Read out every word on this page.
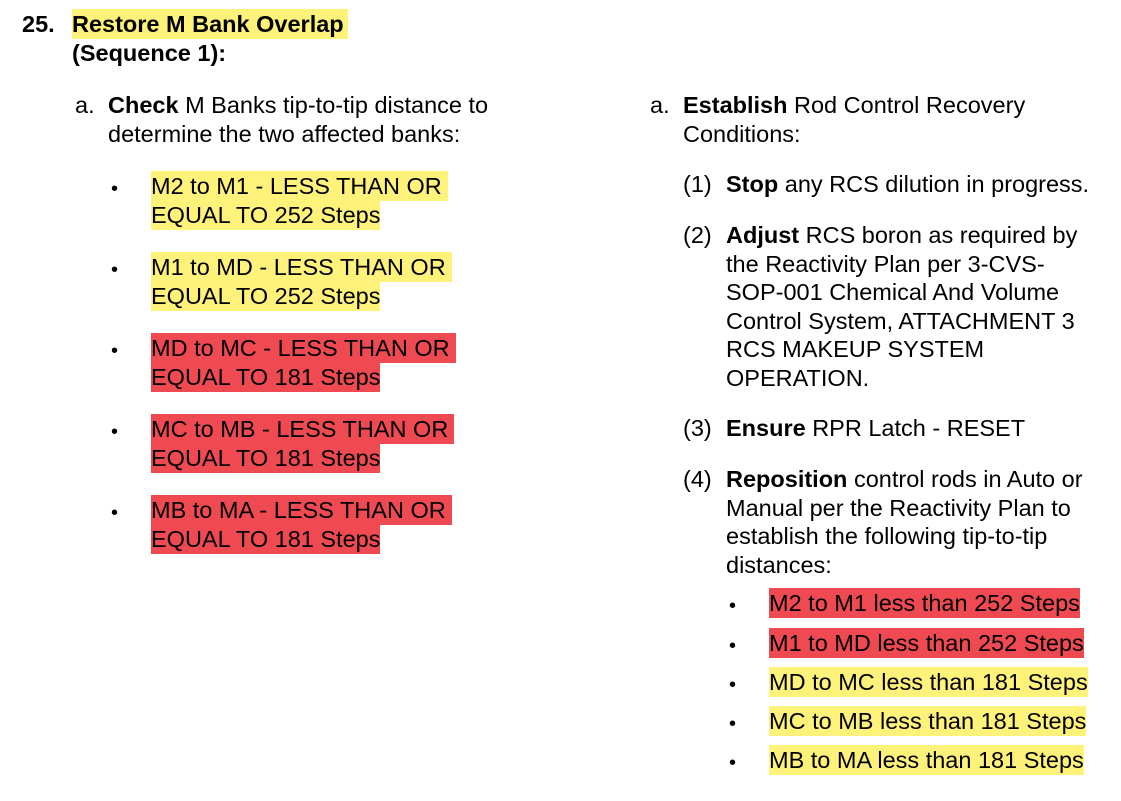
25. Restore M Bank Overlap
(Sequence 1):
a. Check M Banks tip-to-tip distance to
determine the two affected banks:
• M2 to M1 - LESS THAN OR
EQUAL TO 252 Steps
• M1 to MD - LESS THAN OR
EQUAL TO 252 Steps
• MD to MC - LESS THAN OR
EQUAL TO 181 Steps
• MC to MB - LESS THAN OR
EQUAL TO 181 Steps
• MB to MA - LESS THAN OR
EQUAL TO 181 Steps
a. Establish Rod Control Recovery
Conditions:
(1) Stop any RCS dilution in progress.
(2) Adjust RCS boron as required by
the Reactivity Plan per 3-CVS-
SOP-001 Chemical And Volume
Control System, ATTACHMENT 3
RCS MAKEUP SYSTEM
OPERATION.
(3) Ensure RPR Latch - RESET
(4) Reposition control rods in Auto or
Manual per the Reactivity Plan to
establish the following tip-to-tip
distances:
• M2 to M1 less than 252 Steps
• M1 to MD less than 252 Steps
• MD to MC less than 181 Steps
• MC to MB less than 181 Steps
• MB to MA less than 181 Steps
